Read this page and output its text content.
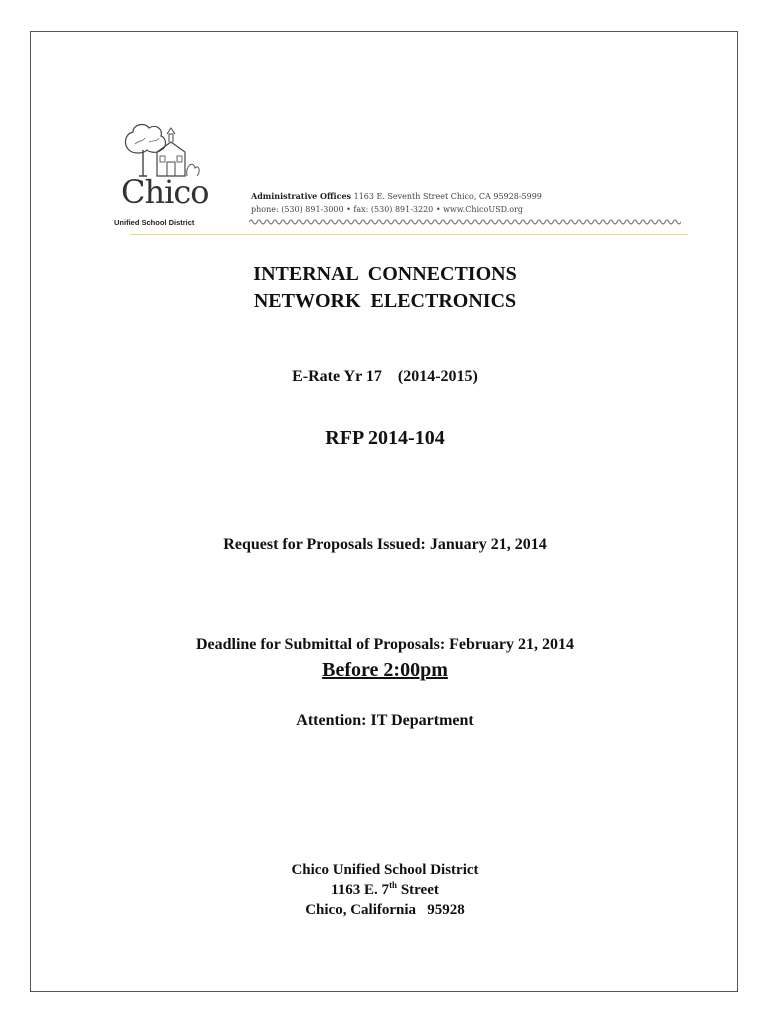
Chico
Unified School District
Administrative Offices 1163 E. Seventh Street Chico, CA 95928-5999
phone: (530) 891-3000 • fax: (530) 891-3220 • www.ChicoUSD.org
INTERNAL  CONNECTIONS
NETWORK  ELECTRONICS
E-Rate Yr 17    (2014-2015)
RFP 2014-104
Request for Proposals Issued: January 21, 2014
Deadline for Submittal of Proposals: February 21, 2014
Before 2:00pm
Attention: IT Department
Chico Unified School District
1163 E. 7th Street
Chico, California   95928
